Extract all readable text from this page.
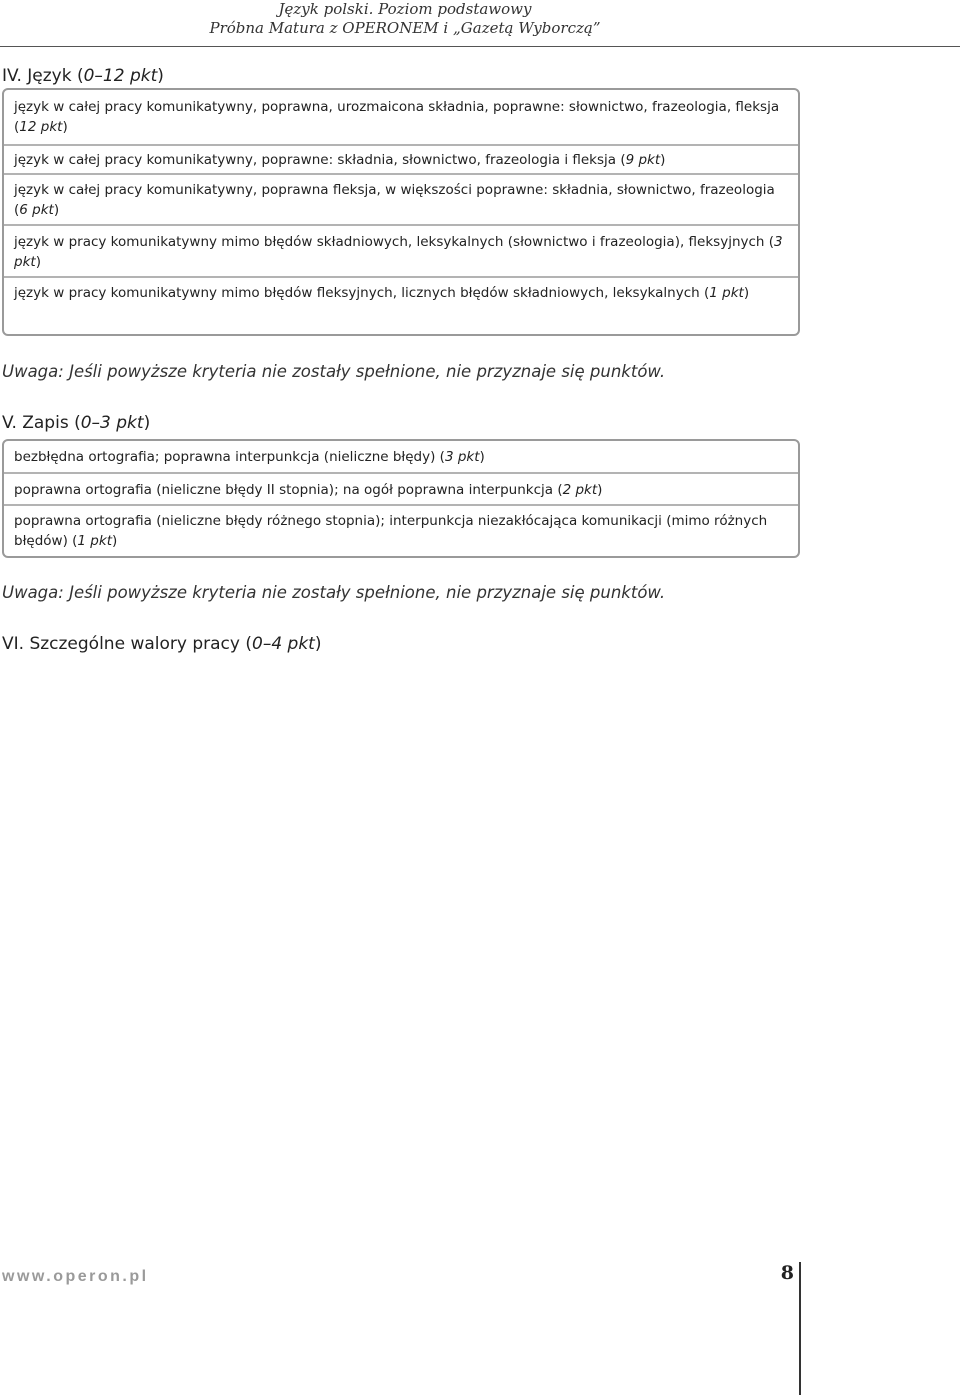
Język polski. Poziom podstawowy
Próbna Matura z OPERONEM i „Gazetą Wyborczą”
IV. Język (0–12 pkt)
język w całej pracy komunikatywny, poprawna, urozmaicona składnia, poprawne: słownictwo, frazeologia, fleksja (12 pkt)
język w całej pracy komunikatywny, poprawne: składnia, słownictwo, frazeologia i fleksja (9 pkt)
język w całej pracy komunikatywny, poprawna fleksja, w większości poprawne: składnia, słownictwo, frazeologia (6 pkt)
język w pracy komunikatywny mimo błędów składniowych, leksykalnych (słownictwo i frazeologia), fleksyjnych (3 pkt)
język w pracy komunikatywny mimo błędów fleksyjnych, licznych błędów składniowych, leksykalnych (1 pkt)
Uwaga: Jeśli powyższe kryteria nie zostały spełnione, nie przyznaje się punktów.
V. Zapis (0–3 pkt)
bezbłędna ortografia; poprawna interpunkcja (nieliczne błędy) (3 pkt)
poprawna ortografia (nieliczne błędy II stopnia); na ogół poprawna interpunkcja (2 pkt)
poprawna ortografia (nieliczne błędy różnego stopnia); interpunkcja niezakłócająca komunikacji (mimo różnych błędów) (1 pkt)
Uwaga: Jeśli powyższe kryteria nie zostały spełnione, nie przyznaje się punktów.
VI. Szczególne walory pracy (0–4 pkt)
www.operon.pl	8
